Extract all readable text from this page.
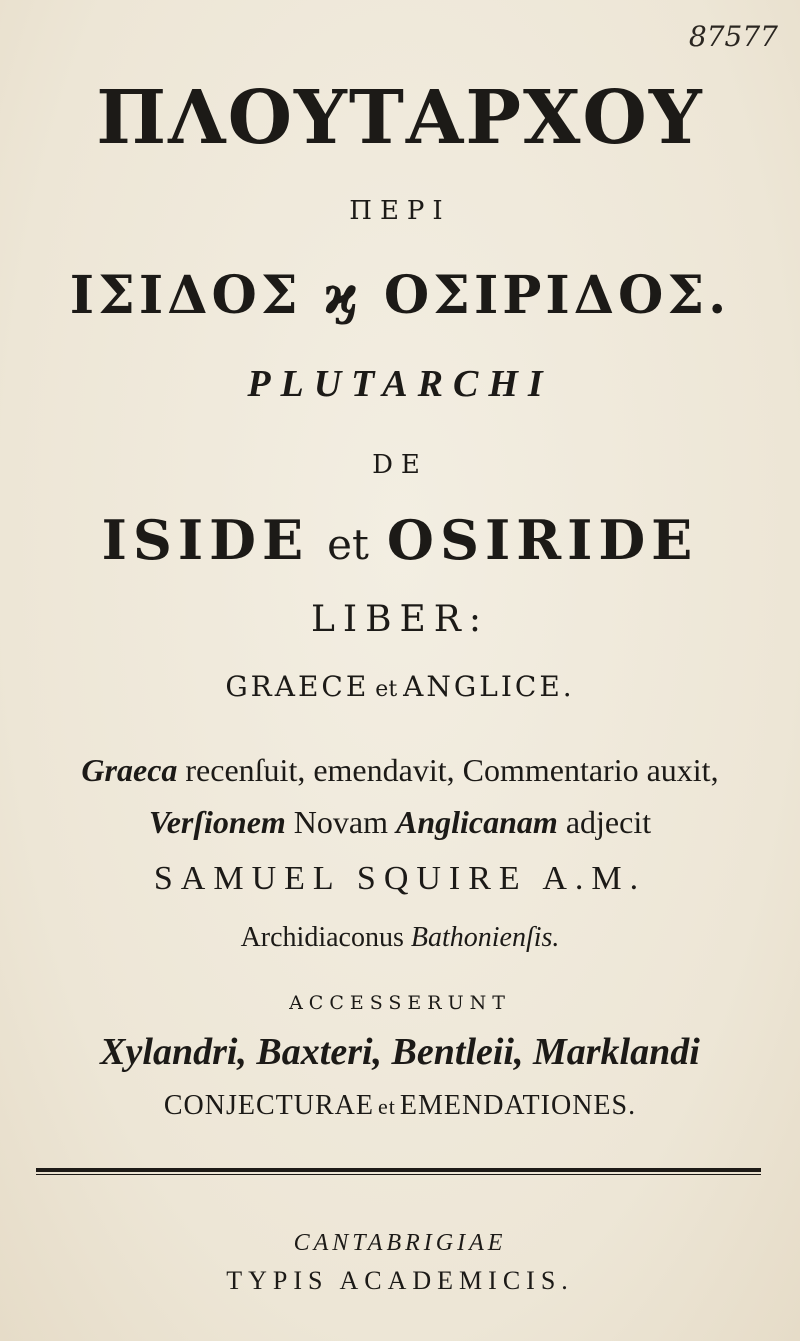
87577
ΠΛΟΥΤΑΡΧΟΥ
ΠΕΡΙ
ΙΣΙΔΟΣ ϗ ΟΣΙΡΙΔΟΣ.
PLUTARCHI
DE
ISIDE et OSIRIDE
LIBER:
GRAECE et ANGLICE.
Graeca recenſuit, emendavit, Commentario auxit,
Verſionem Novam Anglicanam adjecit
SAMUEL SQUIRE A.M.
Archidiaconus Bathonienſis.
ACCESSERUNT
Xylandri, Baxteri, Bentleii, Marklandi
CONJECTURAE et EMENDATIONES.
CANTABRIGIAE
TYPIS ACADEMICIS.
